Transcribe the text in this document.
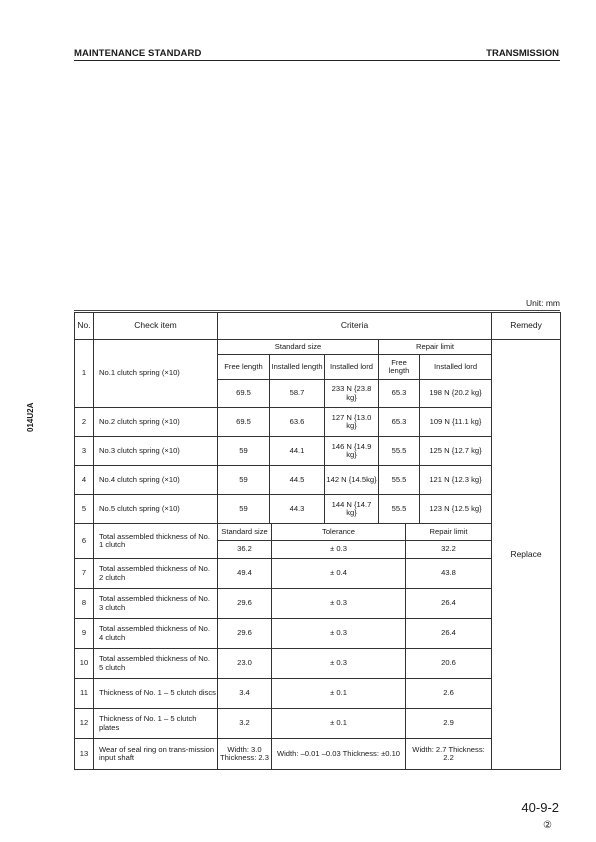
MAINTENANCE STANDARD	TRANSMISSION
014U2A
Unit: mm
No.	Check item	Criteria							Remedy
1	No.1 clutch spring (×10)	Standard size				Repair limit			Replace
		Free length	Installed length		Installed lord	Free length		Installed lord	
		69.5	58.7		233 N {23.8 kg}	65.3		198 N {20.2 kg}	
2	No.2 clutch spring (×10)	69.5	63.6		127 N {13.0 kg}	65.3		109 N {11.1 kg}	
3	No.3 clutch spring (×10)	59	44.1		146 N {14.9 kg}	55.5		125 N {12.7 kg}	
4	No.4 clutch spring (×10)	59	44.5		142 N {14.5kg}	55.5		121 N {12.3 kg}	
5	No.5 clutch spring (×10)	59	44.3		144 N {14.7 kg}	55.5		123 N {12.5 kg}	
6	Total assembled thickness of No. 1 clutch	Standard size		Tolerance			Repair limit		
		36.2		± 0.3			32.2		
7	Total assembled thickness of No. 2 clutch	49.4		± 0.4			43.8		
8	Total assembled thickness of No. 3 clutch	29.6		± 0.3			26.4		
9	Total assembled thickness of No. 4 clutch	29.6		± 0.3			26.4		
10	Total assembled thickness of No. 5 clutch	23.0		± 0.3			20.6		
11	Thickness of No. 1 – 5 clutch discs	3.4		± 0.1			2.6		
12	Thickness of No. 1 – 5 clutch plates	3.2		± 0.1			2.9		
13	Wear of seal ring on trans-mission input shaft	Width: 3.0 Thickness: 2.3		Width: –0.01 –0.03 Thickness: ±0.10			Width: 2.7 Thickness: 2.2		
40-9-2
②
